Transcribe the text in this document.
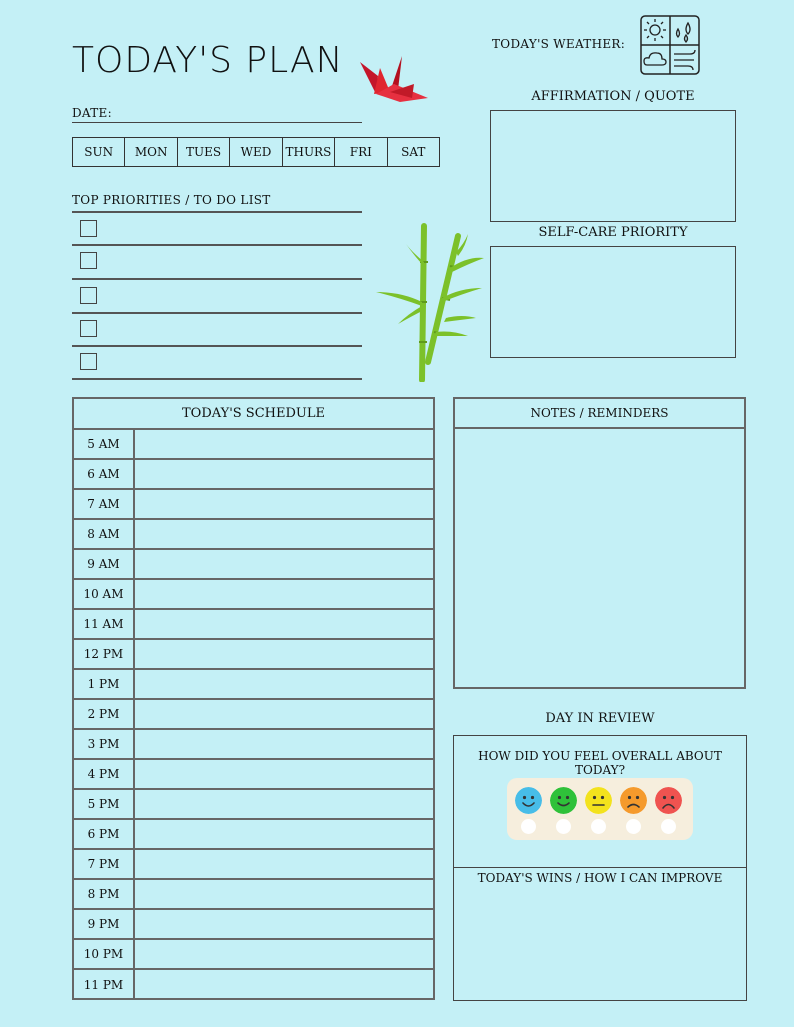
TODAY'S PLAN
DATE:
SUN	MON	TUES	WED	THURS	FRI	SAT
TOP PRIORITIES / TO DO LIST
TODAY'S WEATHER:
AFFIRMATION / QUOTE
SELF-CARE PRIORITY
TODAY'S SCHEDULE
5 AM
6 AM
7 AM
8 AM
9 AM
10 AM
11 AM
12 PM
1 PM
2 PM
3 PM
4 PM
5 PM
6 PM
7 PM
8 PM
9 PM
10 PM
11 PM
NOTES / REMINDERS
DAY IN REVIEW
HOW DID YOU FEEL OVERALL ABOUT TODAY?
TODAY'S WINS / HOW I CAN IMPROVE
